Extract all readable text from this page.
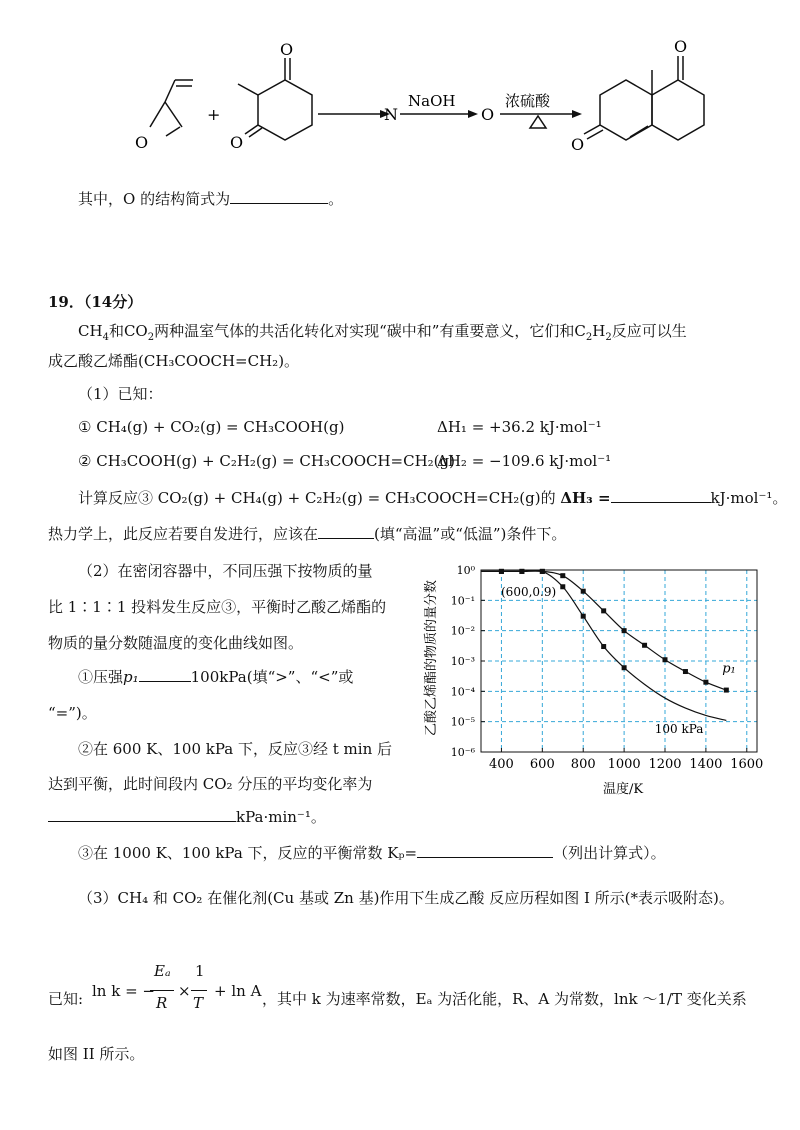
O
+
O
O
N
NaOH
O
浓硫酸
O
O
其中，O 的结构简式为	。
19．（14分）
$CH_4$和$CO_2$两种温室气体的共活化转化对实现“碳中和”有重要意义，它们和$C_2H_2$反应可以生
成乙酸乙烯酯(CH₃COOCH=CH₂)。
（1）已知：
① CH₄(g) + CO₂(g) = CH₃COOH(g)	ΔH₁ = +36.2 kJ·mol⁻¹
② CH₃COOH(g) + C₂H₂(g) = CH₃COOCH=CH₂(g)
ΔH₂ = −109.6 kJ·mol⁻¹
计算反应③ CO₂(g) + CH₄(g) + C₂H₂(g) = CH₃COOCH=CH₂(g)的 ΔH₃ =	kJ·mol⁻¹。
热力学上，此反应若要自发进行，应该在	(填“高温”或“低温”)条件下。
（2）在密闭容器中，不同压强下按物质的量
比 1∶1∶1 投料发生反应③，平衡时乙酸乙烯酯的
物质的量分数随温度的变化曲线如图。
①压强p₁	100kPa(填“>”、“<”或
“=”)。
②在 600 K、100 kPa 下，反应③经 t min 后
达到平衡，此时间段内 CO₂ 分压的平均变化率为
kPa·min⁻¹。
③在 1000 K、100 kPa 下，反应的平衡常数 Kₚ=	（列出计算式）。
（3）CH₄ 和 CO₂ 在催化剂(Cu 基或 Zn 基)作用下生成乙酸 反应历程如图 I 所示(*表示吸附态)。
已知: ln k = −
Eₐ
R
×
1
T
+ ln A ，其中 k 为速率常数，Eₐ 为活化能，R、A 为常数，lnk ～1/T 变化关系
如图 II 所示。
p₁
100 kPa
400 600 800 1000 1200 1400 1600
10⁰
10⁻¹
10⁻²
10⁻³
10⁻⁴
10⁻⁵
10⁻⁶
乙酸乙烯酯的物质的量分数
温度/K
(600,0.9)
